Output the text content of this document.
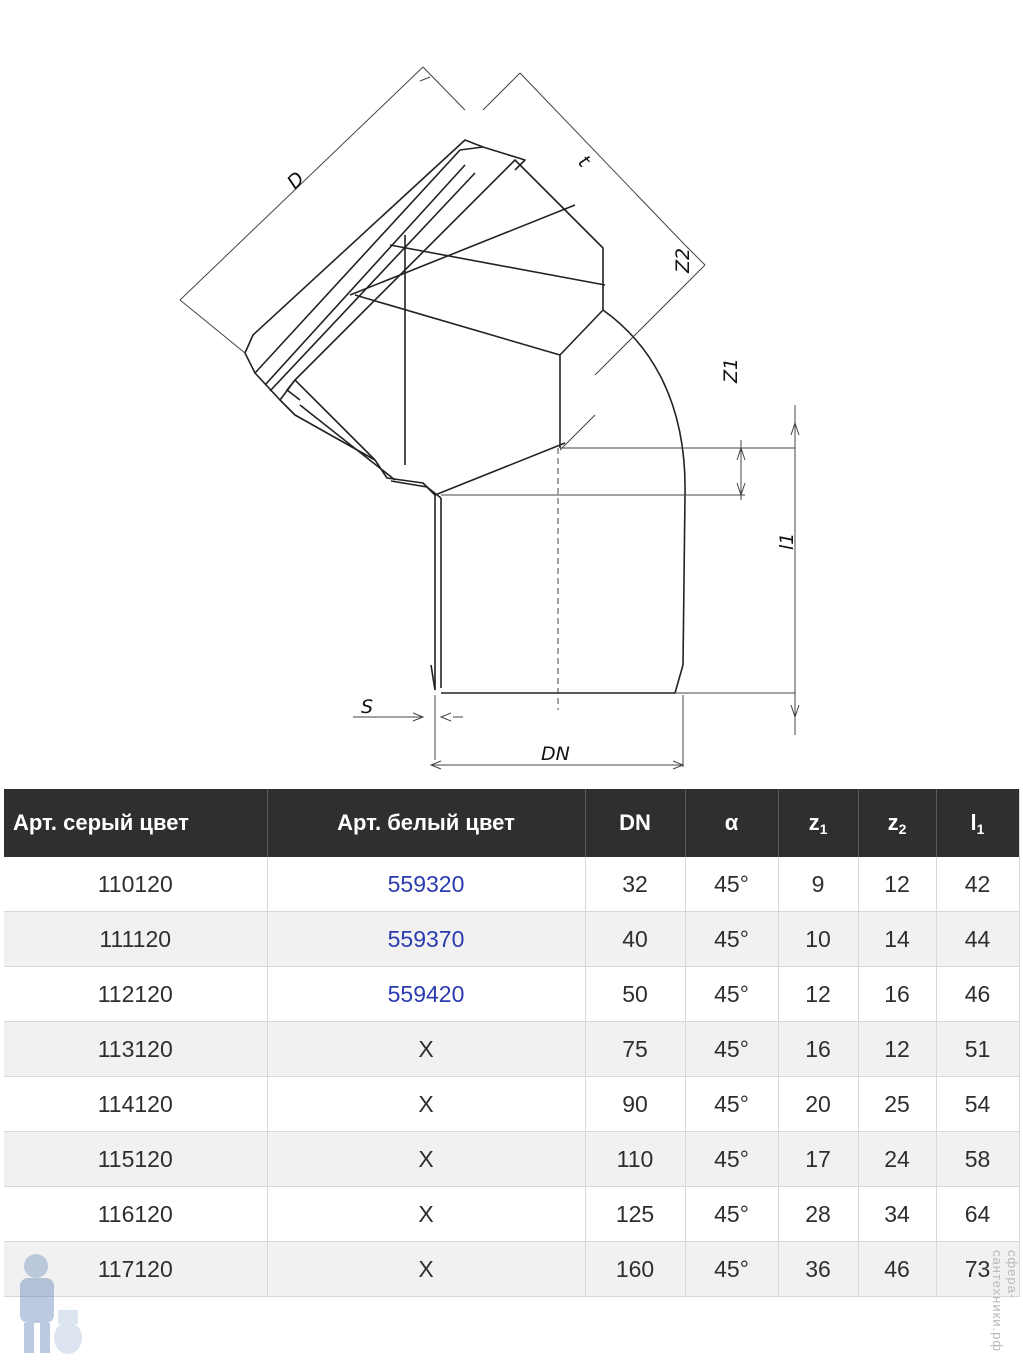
D
t
Z2
Z1
l1
S
DN
Арт. серый цвет	Арт. белый цвет	DN	α	$z_1$	$z_2$	$l_1$
110120	559320	32	45°	9	12	42
111120	559370	40	45°	10	14	44
112120	559420	50	45°	12	16	46
113120	X	75	45°	16	12	51
114120	X	90	45°	20	25	54
115120	X	110	45°	17	24	58
116120	X	125	45°	28	34	64
117120	X	160	45°	36	46	73	сфера-сантехники.рф
